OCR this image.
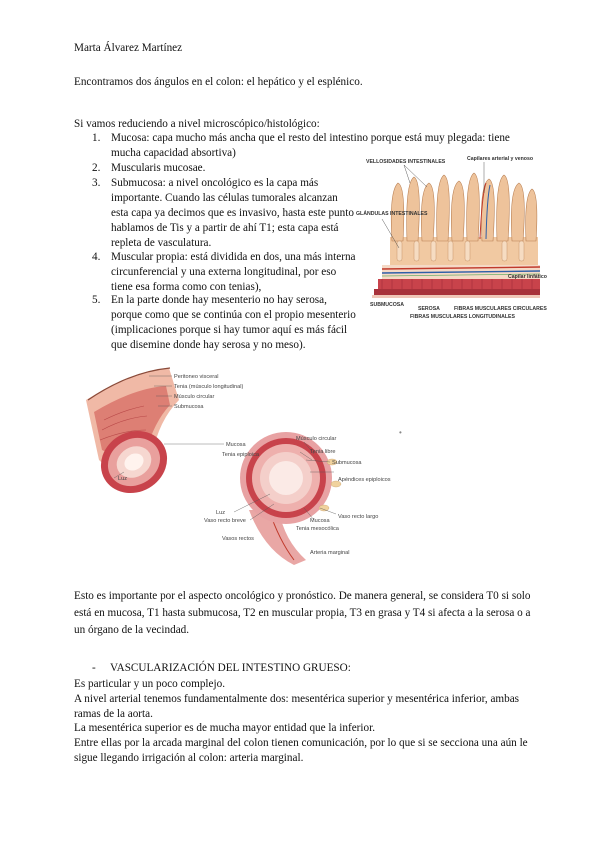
Marta Álvarez Martínez
Encontramos dos ángulos en el colon: el hepático y el esplénico.
Si vamos reduciendo a nivel microscópico/histológico:
1. Mucosa: capa mucho más ancha que el resto del intestino porque está muy plegada: tiene
mucha capacidad absortiva)
2. Muscularis mucosae.
3. Submucosa: a nivel oncológico es la capa más
importante. Cuando las células tumorales alcanzan
esta capa ya decimos que es invasivo, hasta este punto
hablamos de Tis y a partir de ahí T1; esta capa está
repleta de vasculatura.
4. Muscular propia: está dividida en dos, una más interna
circunferencial y una externa longitudinal, por eso
tiene esa forma como con tenias),
5. En la parte donde hay mesenterio no hay serosa,
porque como que se continúa con el propio mesenterio
(implicaciones porque si hay tumor aquí es más fácil
que disemine donde hay serosa y no meso).
VELLOSIDADES INTESTINALES	Capilares arterial y venoso
GLÁNDULAS INTESTINALES
Capilar linfático
SUBMUCOSA
SEROSA	FIBRAS MUSCULARES CIRCULARES
FIBRAS MUSCULARES LONGITUDINALES
Peritoneo visceral
Tenia (músculo longitudinal)
Músculo circular
Submucosa
Mucosa
Tenia epiploica
Luz
Músculo circular
Apéndices epiploicos
Tenia libre
Submucosa
Vaso recto largo
Luz
Vaso recto breve
Tenia mesocólica
Mucosa
Vasos rectos
Arteria marginal
•
Esto es importante por el aspecto oncológico y pronóstico. De manera general, se considera T0 si solo
está en mucosa, T1 hasta submucosa, T2 en muscular propia, T3 en grasa y T4 si afecta a la serosa o a
un órgano de la vecindad.
- VASCULARIZACIÓN DEL INTESTINO GRUESO:
Es particular y un poco complejo.
A nivel arterial tenemos fundamentalmente dos: mesentérica superior y mesentérica inferior, ambas
ramas de la aorta.
La mesentérica superior es de mucha mayor entidad que la inferior.
Entre ellas por la arcada marginal del colon tienen comunicación, por lo que si se secciona una aún le
sigue llegando irrigación al colon: arteria marginal.
